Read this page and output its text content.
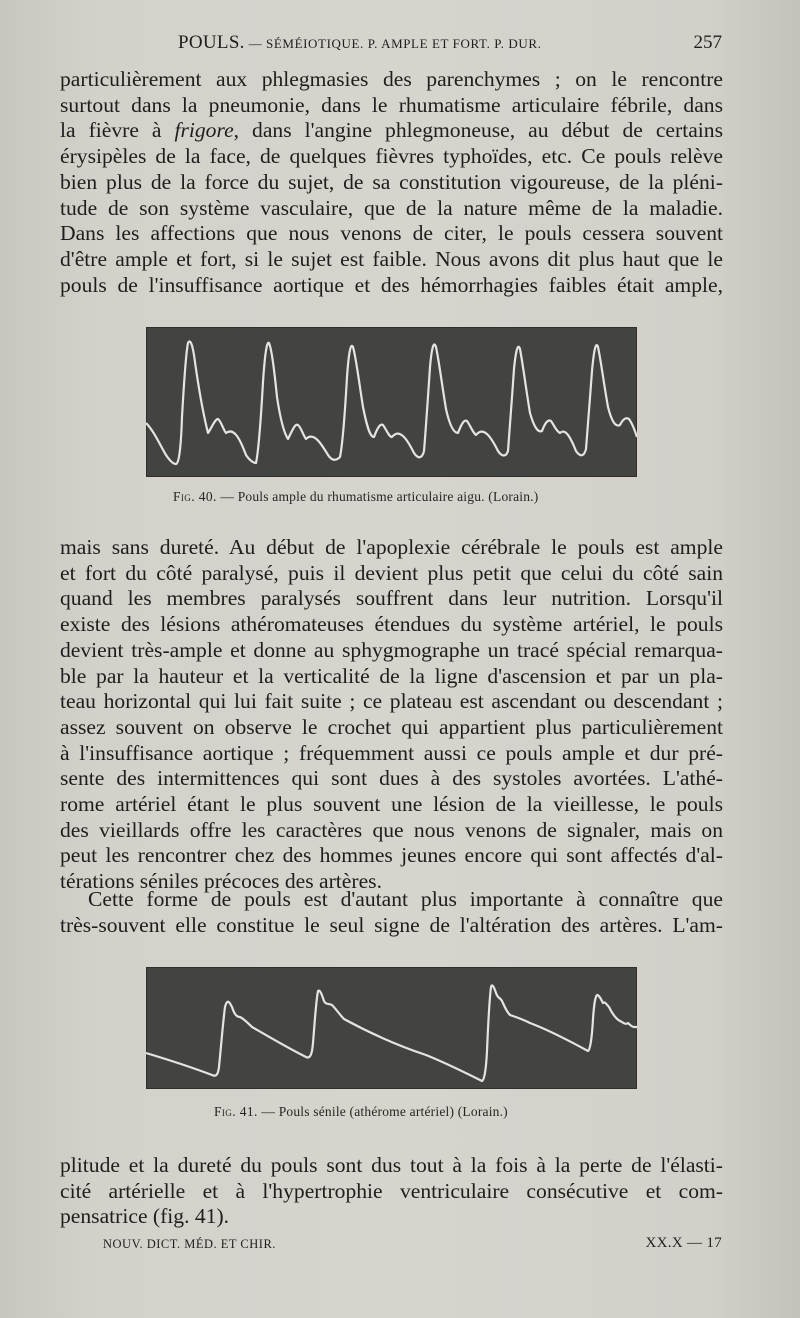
POULS. — SÉMÉIOTIQUE. P. AMPLE ET FORT. P. DUR.	257
particulièrement aux phlegmasies des parenchymes ; on le rencontre
surtout dans la pneumonie, dans le rhumatisme articulaire fébrile, dans
la fièvre à frigore, dans l'angine phlegmoneuse, au début de certains
érysipèles de la face, de quelques fièvres typhoïdes, etc. Ce pouls relève
bien plus de la force du sujet, de sa constitution vigoureuse, de la pléni-
tude de son système vasculaire, que de la nature même de la maladie.
Dans les affections que nous venons de citer, le pouls cessera souvent
d'être ample et fort, si le sujet est faible. Nous avons dit plus haut que le
pouls de l'insuffisance aortique et des hémorrhagies faibles était ample,
Fig. 40. — Pouls ample du rhumatisme articulaire aigu. (Lorain.)
mais sans dureté. Au début de l'apoplexie cérébrale le pouls est ample
et fort du côté paralysé, puis il devient plus petit que celui du côté sain
quand les membres paralysés souffrent dans leur nutrition. Lorsqu'il
existe des lésions athéromateuses étendues du système artériel, le pouls
devient très-ample et donne au sphygmographe un tracé spécial remarqua-
ble par la hauteur et la verticalité de la ligne d'ascension et par un pla-
teau horizontal qui lui fait suite ; ce plateau est ascendant ou descendant ;
assez souvent on observe le crochet qui appartient plus particulièrement
à l'insuffisance aortique ; fréquemment aussi ce pouls ample et dur pré-
sente des intermittences qui sont dues à des systoles avortées. L'athé-
rome artériel étant le plus souvent une lésion de la vieillesse, le pouls
des vieillards offre les caractères que nous venons de signaler, mais on
peut les rencontrer chez des hommes jeunes encore qui sont affectés d'al-
térations séniles précoces des artères.
Cette forme de pouls est d'autant plus importante à connaître que
très-souvent elle constitue le seul signe de l'altération des artères. L'am-
Fig. 41. — Pouls sénile (athérome artériel) (Lorain.)
plitude et la dureté du pouls sont dus tout à la fois à la perte de l'élasti-
cité artérielle et à l'hypertrophie ventriculaire consécutive et com-
pensatrice (fig. 41).
NOUV. DICT. MÉD. ET CHIR.	XX.X — 17
